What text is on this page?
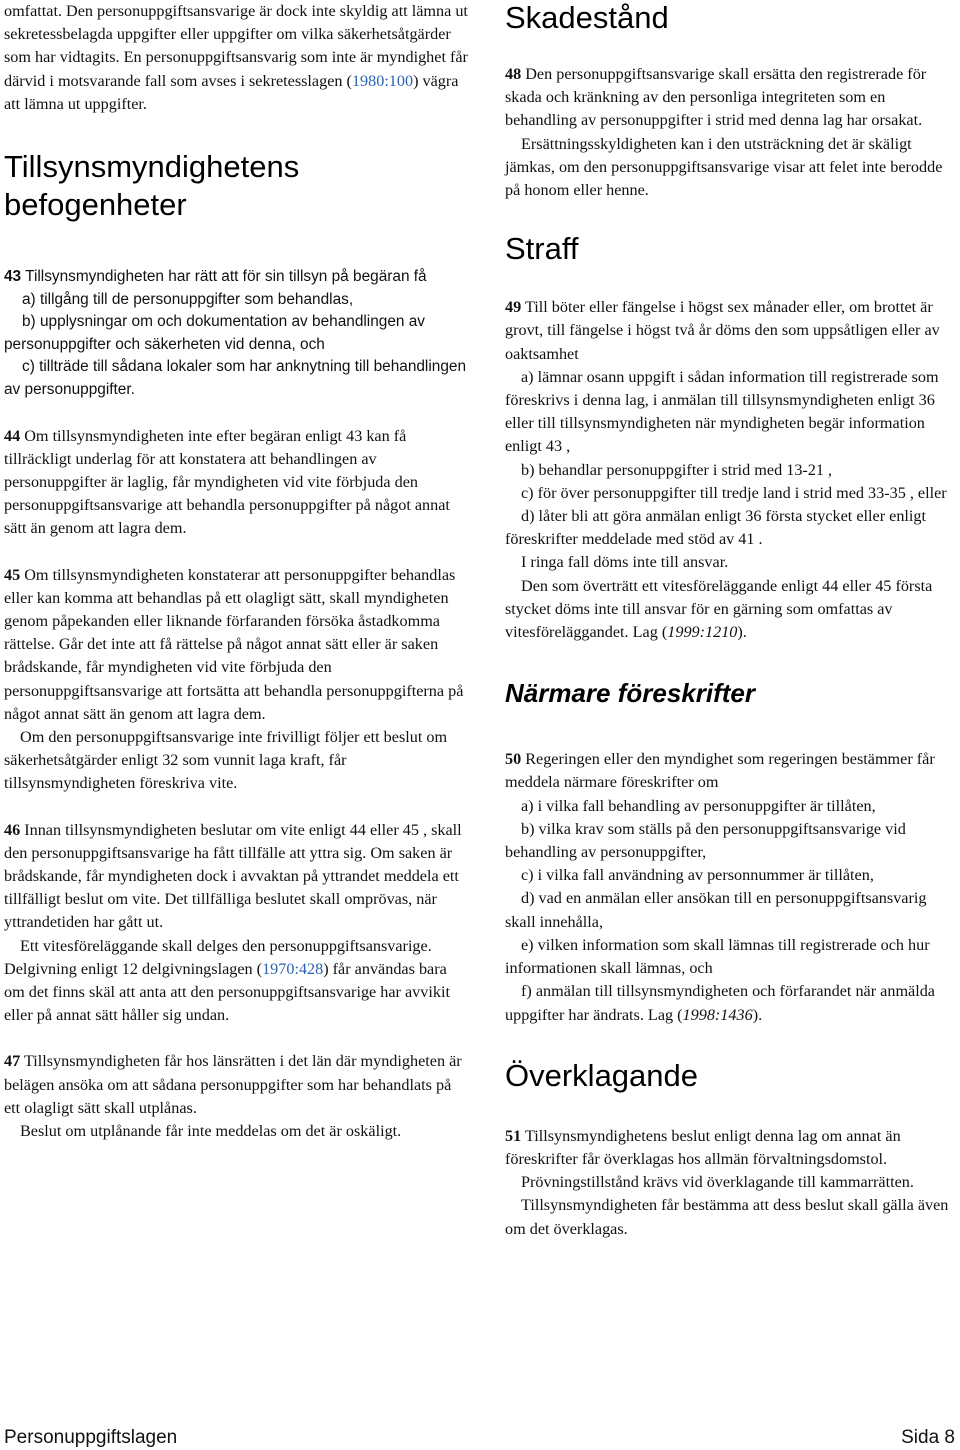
omfattat. Den personuppgiftsansvarige är dock inte skyldig att lämna ut sekretessbelagda uppgifter eller uppgifter om vilka säkerhetsåtgärder som har vidtagits. En personuppgiftsansvarig som inte är myndighet får därvid i motsvarande fall som avses i sekretesslagen (1980:100) vägra att lämna ut uppgifter.

Tillsynsmyndighetens befogenheter

43 Tillsynsmyndigheten har rätt att för sin tillsyn på begäran få

a) tillgång till de personuppgifter som behandlas,

b) upplysningar om och dokumentation av behandlingen av personuppgifter och säkerheten vid denna, och

c) tillträde till sådana lokaler som har anknytning till behandlingen av personuppgifter.

44 Om tillsynsmyndigheten inte efter begäran enligt 43 kan få tillräckligt underlag för att konstatera att behandlingen av personuppgifter är laglig, får myndigheten vid vite förbjuda den personuppgiftsansvarige att behandla personuppgifter på något annat sätt än genom att lagra dem.

45 Om tillsynsmyndigheten konstaterar att personuppgifter behandlas eller kan komma att behandlas på ett olagligt sätt, skall myndigheten genom påpekanden eller liknande förfaranden försöka åstadkomma rättelse. Går det inte att få rättelse på något annat sätt eller är saken brådskande, får myndigheten vid vite förbjuda den personuppgiftsansvarige att fortsätta att behandla personuppgifterna på något annat sätt än genom att lagra dem.

Om den personuppgiftsansvarige inte frivilligt följer ett beslut om säkerhetsåtgärder enligt 32 som vunnit laga kraft, får tillsynsmyndigheten föreskriva vite.

46 Innan tillsynsmyndigheten beslutar om vite enligt 44 eller 45 , skall den personuppgiftsansvarige ha fått tillfälle att yttra sig. Om saken är brådskande, får myndigheten dock i avvaktan på yttrandet meddela ett tillfälligt beslut om vite. Det tillfälliga beslutet skall omprövas, när yttrandetiden har gått ut.

Ett vitesföreläggande skall delges den personuppgiftsansvarige. Delgivning enligt 12 delgivningslagen (1970:428) får användas bara om det finns skäl att anta att den personuppgiftsansvarige har avvikit eller på annat sätt håller sig undan.

47 Tillsynsmyndigheten får hos länsrätten i det län där myndigheten är belägen ansöka om att sådana personuppgifter som har behandlats på ett olagligt sätt skall utplånas.

Beslut om utplånande får inte meddelas om det är oskäligt.

Skadestånd

48 Den personuppgiftsansvarige skall ersätta den registrerade för skada och kränkning av den personliga integriteten som en behandling av personuppgifter i strid med denna lag har orsakat.

Ersättningsskyldigheten kan i den utsträckning det är skäligt jämkas, om den personuppgiftsansvarige visar att felet inte berodde på honom eller henne.

Straff

49 Till böter eller fängelse i högst sex månader eller, om brottet är grovt, till fängelse i högst två år döms den som uppsåtligen eller av oaktsamhet

a) lämnar osann uppgift i sådan information till registrerade som föreskrivs i denna lag, i anmälan till tillsynsmyndigheten enligt 36 eller till tillsynsmyndigheten när myndigheten begär information enligt 43 ,

b) behandlar personuppgifter i strid med 13-21 ,

c) för över personuppgifter till tredje land i strid med 33-35 , eller

d) låter bli att göra anmälan enligt 36 första stycket eller enligt föreskrifter meddelade med stöd av 41 .

I ringa fall döms inte till ansvar.

Den som överträtt ett vitesföreläggande enligt 44 eller 45 första stycket döms inte till ansvar för en gärning som omfattas av vitesföreläggandet. Lag (1999:1210).

Närmare föreskrifter

50 Regeringen eller den myndighet som regeringen bestämmer får meddela närmare föreskrifter om

a) i vilka fall behandling av personuppgifter är tillåten,

b) vilka krav som ställs på den personuppgiftsansvarige vid behandling av personuppgifter,

c) i vilka fall användning av personnummer är tillåten,

d) vad en anmälan eller ansökan till en personuppgiftsansvarig skall innehålla,

e) vilken information som skall lämnas till registrerade och hur informationen skall lämnas, och

f) anmälan till tillsynsmyndigheten och förfarandet när anmälda uppgifter har ändrats. Lag (1998:1436).

Överklagande

51 Tillsynsmyndighetens beslut enligt denna lag om annat än föreskrifter får överklagas hos allmän förvaltningsdomstol.

Prövningstillstånd krävs vid överklagande till kammarrätten.

Tillsynsmyndigheten får bestämma att dess beslut skall gälla även om det överklagas.

Personuppgiftslagen	Sida 8
